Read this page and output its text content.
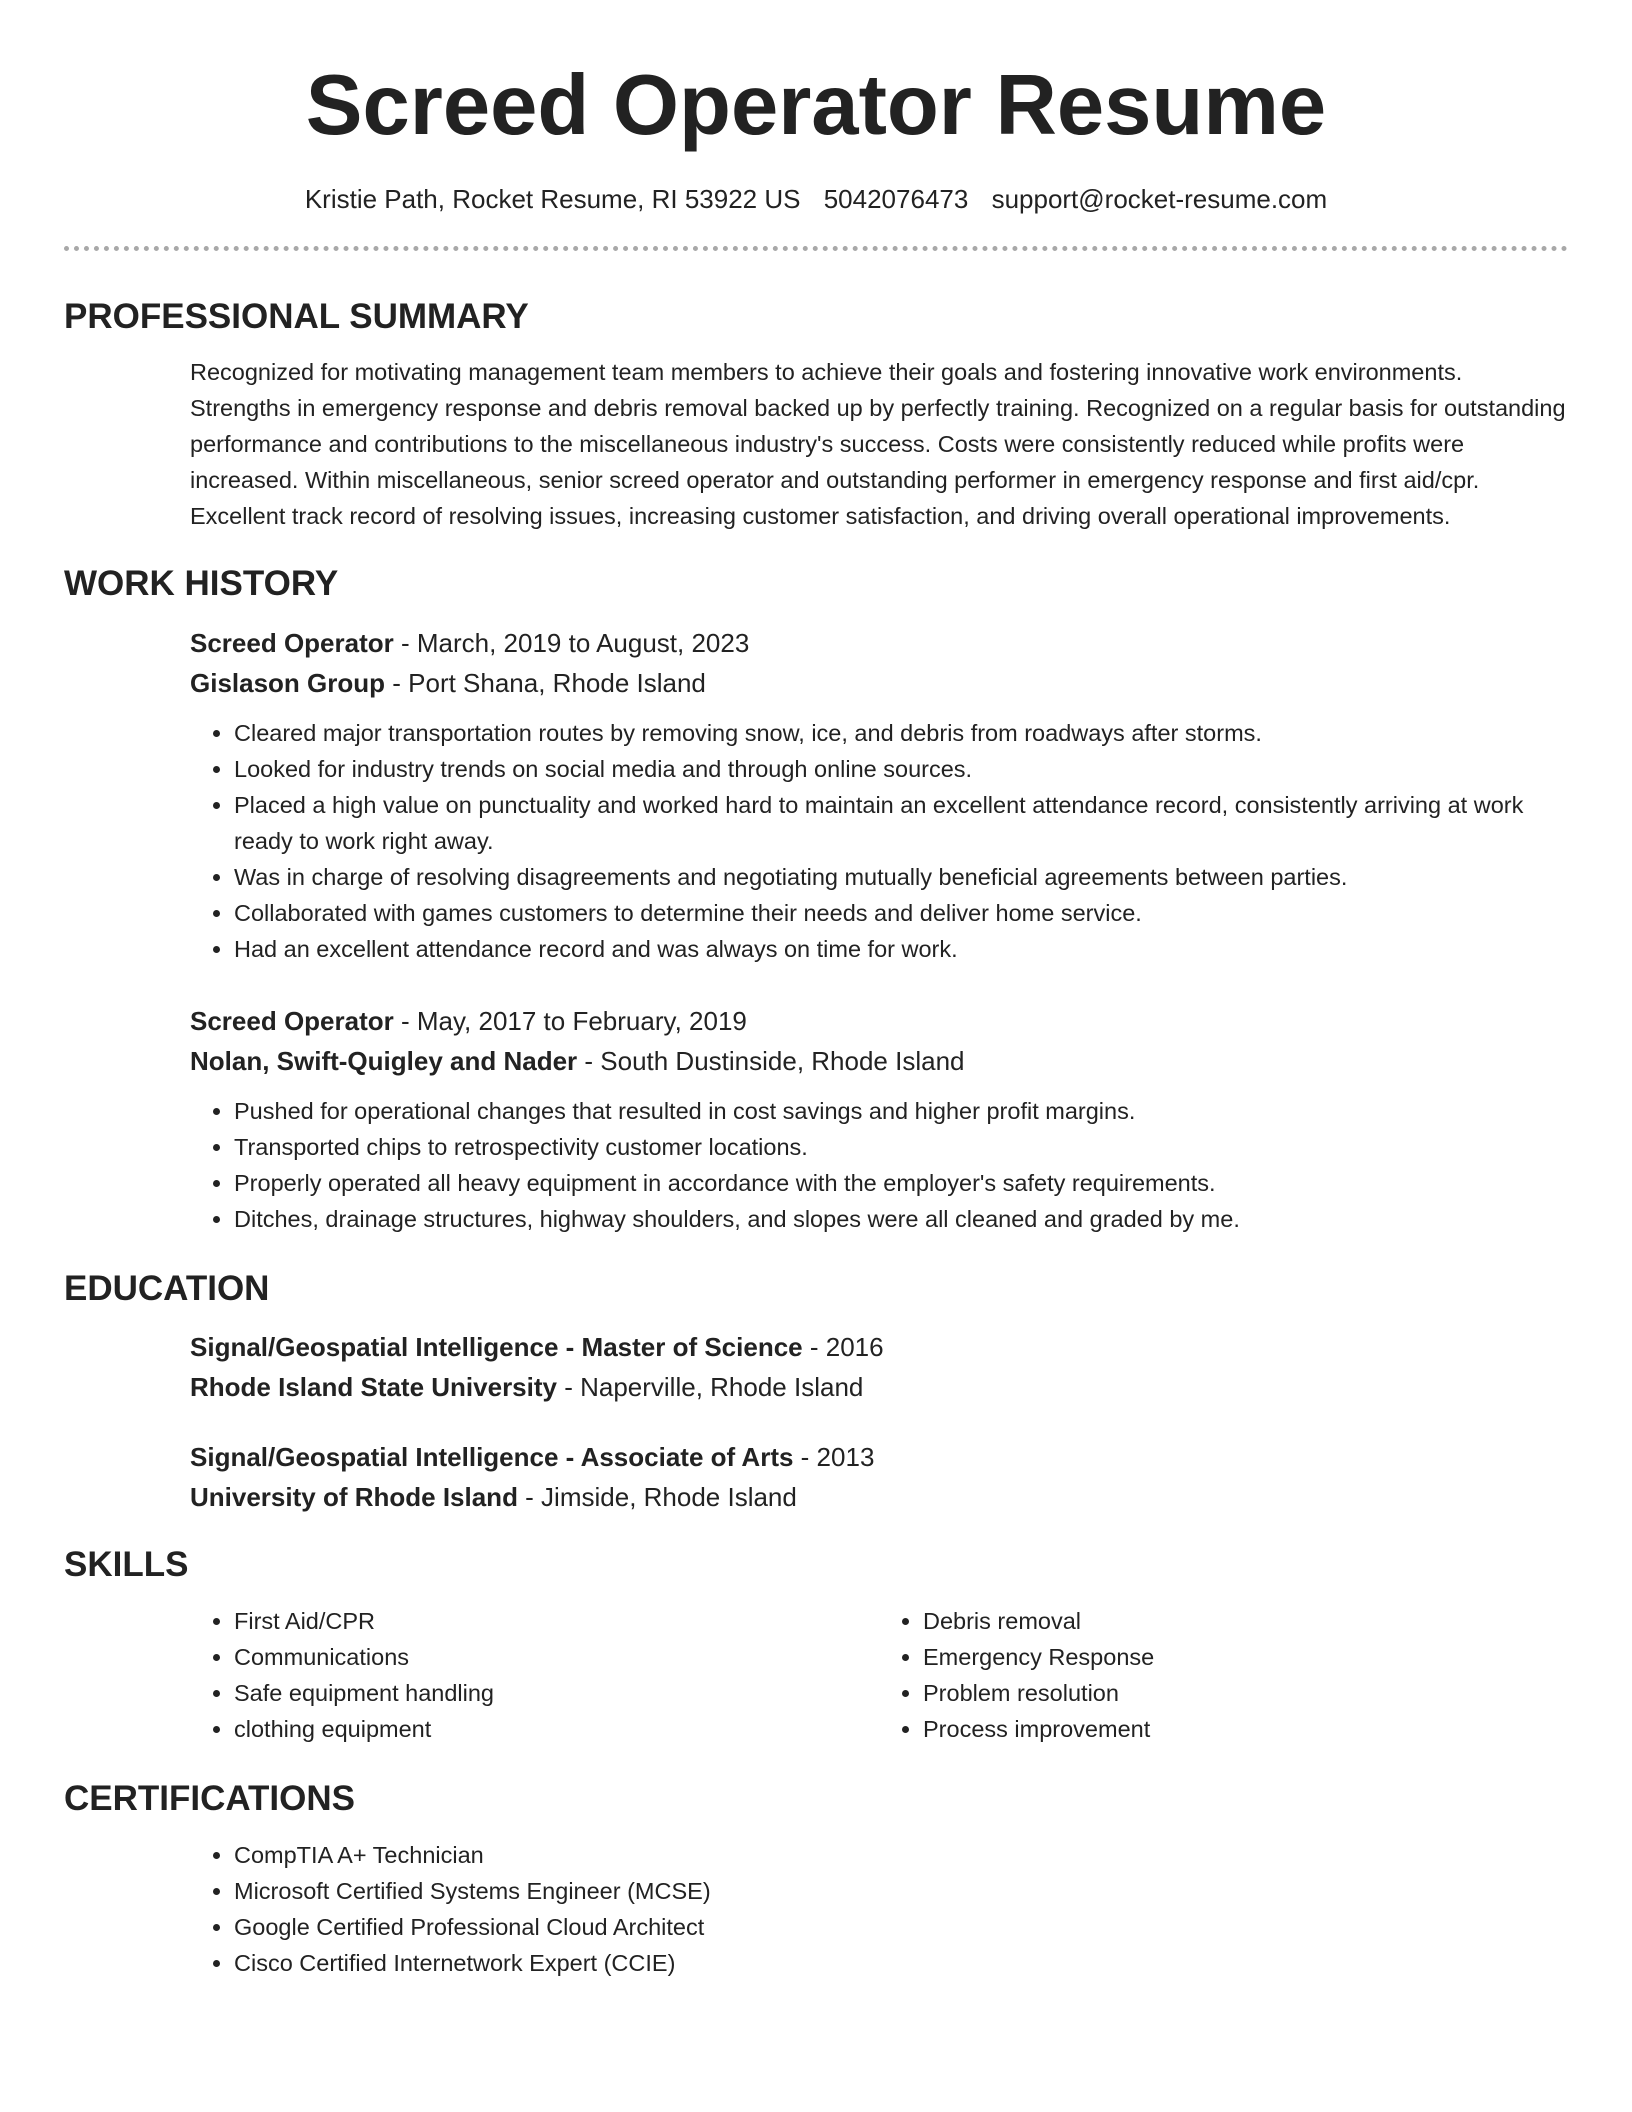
Screed Operator Resume
Kristie Path, Rocket Resume, RI 53922 US 5042076473 support@rocket-resume.com
PROFESSIONAL SUMMARY

Recognized for motivating management team members to achieve their goals and fostering innovative work environments. Strengths in emergency response and debris removal backed up by perfectly training. Recognized on a regular basis for outstanding performance and contributions to the miscellaneous industry's success. Costs were consistently reduced while profits were increased. Within miscellaneous, senior screed operator and outstanding performer in emergency response and first aid/cpr. Excellent track record of resolving issues, increasing customer satisfaction, and driving overall operational improvements.

WORK HISTORY
Screed Operator - March, 2019 to August, 2023
Gislason Group - Port Shana, Rhode Island
• Cleared major transportation routes by removing snow, ice, and debris from roadways after storms.
• Looked for industry trends on social media and through online sources.
• Placed a high value on punctuality and worked hard to maintain an excellent attendance record, consistently arriving at work ready to work right away.
• Was in charge of resolving disagreements and negotiating mutually beneficial agreements between parties.
• Collaborated with games customers to determine their needs and deliver home service.
• Had an excellent attendance record and was always on time for work.
Screed Operator - May, 2017 to February, 2019
Nolan, Swift-Quigley and Nader - South Dustinside, Rhode Island
• Pushed for operational changes that resulted in cost savings and higher profit margins.
• Transported chips to retrospectivity customer locations.
• Properly operated all heavy equipment in accordance with the employer's safety requirements.
• Ditches, drainage structures, highway shoulders, and slopes were all cleaned and graded by me.
EDUCATION
Signal/Geospatial Intelligence - Master of Science - 2016
Rhode Island State University - Naperville, Rhode Island
Signal/Geospatial Intelligence - Associate of Arts - 2013
University of Rhode Island - Jimside, Rhode Island
SKILLS
• First Aid/CPR
• Communications
• Safe equipment handling
• clothing equipment
• Debris removal
• Emergency Response
• Problem resolution
• Process improvement
CERTIFICATIONS
• CompTIA A+ Technician
• Microsoft Certified Systems Engineer (MCSE)
• Google Certified Professional Cloud Architect
• Cisco Certified Internetwork Expert (CCIE)
